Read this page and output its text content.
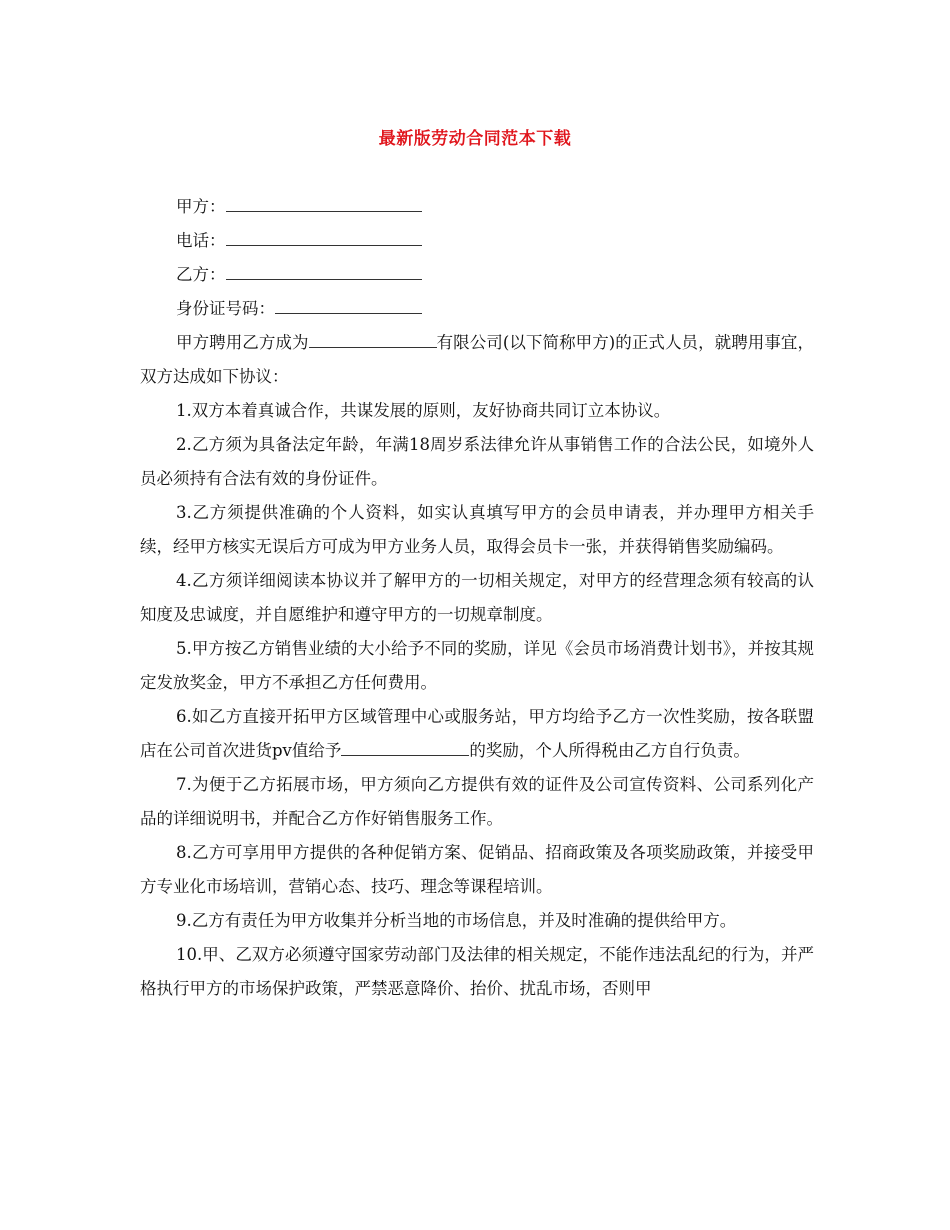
最新版劳动合同范本下载
甲方：
电话：
乙方：
身份证号码：

甲方聘用乙方成为	有限公司(以下简称甲方)的正式人员，就聘用事宜，双方达成如下协议：

1.双方本着真诚合作，共谋发展的原则，友好协商共同订立本协议。

2.乙方须为具备法定年龄，年满18周岁系法律允许从事销售工作的合法公民，如境外人员必须持有合法有效的身份证件。

3.乙方须提供准确的个人资料，如实认真填写甲方的会员申请表，并办理甲方相关手续，经甲方核实无误后方可成为甲方业务人员，取得会员卡一张，并获得销售奖励编码。

4.乙方须详细阅读本协议并了解甲方的一切相关规定，对甲方的经营理念须有较高的认知度及忠诚度，并自愿维护和遵守甲方的一切规章制度。

5.甲方按乙方销售业绩的大小给予不同的奖励，详见《会员市场消费计划书》，并按其规定发放奖金，甲方不承担乙方任何费用。

6.如乙方直接开拓甲方区域管理中心或服务站，甲方均给予乙方一次性奖励，按各联盟店在公司首次进货pv值给予	的奖励，个人所得税由乙方自行负责。

7.为便于乙方拓展市场，甲方须向乙方提供有效的证件及公司宣传资料、公司系列化产品的详细说明书，并配合乙方作好销售服务工作。

8.乙方可享用甲方提供的各种促销方案、促销品、招商政策及各项奖励政策，并接受甲方专业化市场培训，营销心态、技巧、理念等课程培训。

9.乙方有责任为甲方收集并分析当地的市场信息，并及时准确的提供给甲方。

10.甲、乙双方必须遵守国家劳动部门及法律的相关规定，不能作违法乱纪的行为，并严格执行甲方的市场保护政策，严禁恶意降价、抬价、扰乱市场，否则甲
